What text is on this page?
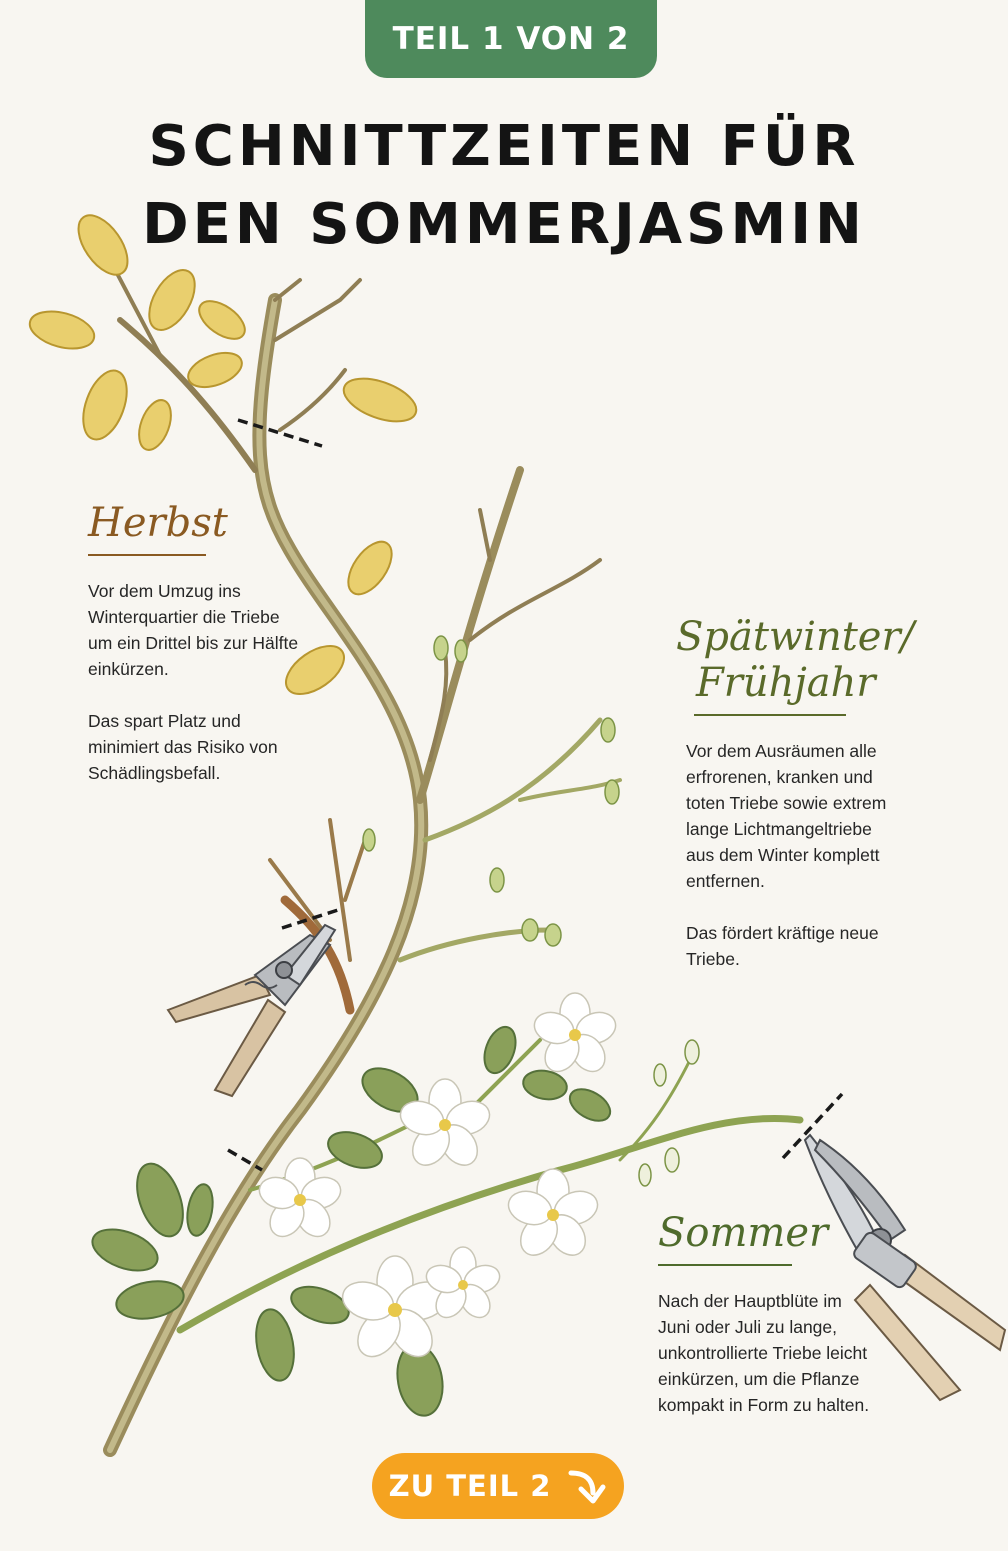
TEIL 1 VON 2
SCHNITTZEITEN FÜR
DEN SOMMERJASMIN
Herbst

Vor dem Umzug ins Winterquartier die Triebe um ein Drittel bis zur Hälfte einkürzen.

Das spart Platz und minimiert das Risiko von Schädlingsbefall.

Spätwinter/
Frühjahr

Vor dem Ausräumen alle erfrorenen, kranken und toten Triebe sowie extrem lange Lichtmangeltriebe aus dem Winter komplett entfernen.

Das fördert kräftige neue Triebe.

Sommer

Nach der Hauptblüte im Juni oder Juli zu lange, unkontrollierte Triebe leicht einkürzen, um die Pflanze kompakt in Form zu halten.

ZU TEIL 2
